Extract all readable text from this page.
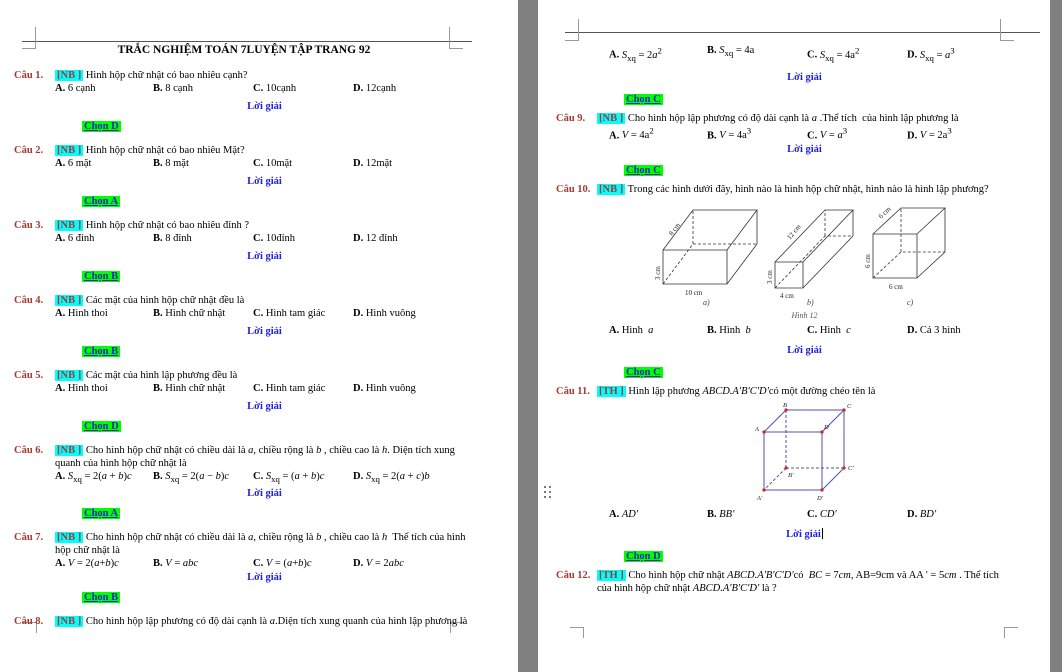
TRẮC NGHIỆM TOÁN 7LUYỆN TẬP TRANG 92
Câu 1.	[NB ] Hình hộp chữ nhật có bao nhiêu cạnh?
A. 6 cạnh	B. 8 cạnh	C. 10cạnh	D. 12cạnh
Lời giải
Chọn D
Câu 2.	[NB ] Hình hộp chữ nhật có bao nhiêu Mặt?
A. 6 mặt	B. 8 mặt	C. 10mặt	D. 12mặt
Lời giải
Chọn A
Câu 3.	[NB ] Hình hộp chữ nhật có bao nhiêu đỉnh ?
A. 6 đỉnh	B. 8 đỉnh	C. 10đỉnh	D. 12 đỉnh
Lời giải
Chọn B
Câu 4.	[NB ] Các mặt của hình hộp chữ nhật đều là
A. Hình thoi	B. Hình chữ nhật	C. Hình tam giác	D. Hình vuông
Lời giải
Chọn B
Câu 5.	[NB ] Các mặt của hình lập phương đều là
A. Hình thoi	B. Hình chữ nhật	C. Hình tam giác	D. Hình vuông
Lời giải
Chọn D
Câu 6.	[NB ] Cho hình hộp chữ nhật có chiều dài là a, chiều rộng là b , chiều cao là h. Diện tích xung quanh của hình hộp chữ nhật là
A. $S_{xq} = 2(a + b)c$	B. $S_{xq} = 2(a - b)c$	C. $S_{xq} = (a + b)c$	D. $S_{xq} = 2(a + c)b$
Lời giải
Chọn A
Câu 7.	[NB ] Cho hình hộp chữ nhật có chiều dài là a, chiều rộng là b , chiều cao là h  Thể tích của hình hộp chữ nhật là
A. V = 2(a+b)c	B. V = abc	C. V = (a+b)c	D. V = 2abc
Lời giải
Chọn B
Câu 8.	[NB ] Cho hình hộp lập phương có độ dài cạnh là a.Diện tích xung quanh của hình lập phương là
A. $S_{xq} = 2a^2$	B. $S_{xq} = 4a$	C. $S_{xq} = 4a^2$	D. $S_{xq} = a^3$
Lời giải
Chọn C
Câu 9.	[NB ] Cho hình hộp lập phương có độ dài cạnh là a .Thể tích  của hình lập phương là
A. $V = 4a^2$	B. $V = 4a^3$	C. $V = a^3$	D. $V = 2a^3$
Lời giải
Chọn C
Câu 10. [NB ] Trong các hình dưới đây, hình nào là hình hộp chữ nhật, hình nào là hình lập phương?
8 cm
3 cm
10 cm
a)
12 cm
3 cm
4 cm
b)
6 cm
6 cm
6 cm
c)
Hình 12
A. Hình  a	B. Hình  b	C. Hình  c	D. Cả 3 hình
Lời giải
Chọn C
Câu 11. [TH ] Hình lập phương ABCD.A'B'C'D'có một đường chéo tên là
A
B	C
D
A'
B'
C'
D'
A. AD'	B. BB'	C. CD'	D. BD'
Lời giải
Chọn D
Câu 12. [TH ] Cho hình hộp chữ nhật ABCD.A'B'C'D'có  BC = 7cm, AB=9cm và AA ' = 5cm . Thể tích của hình hộp chữ nhật ABCD.A'B'C'D' là ?
